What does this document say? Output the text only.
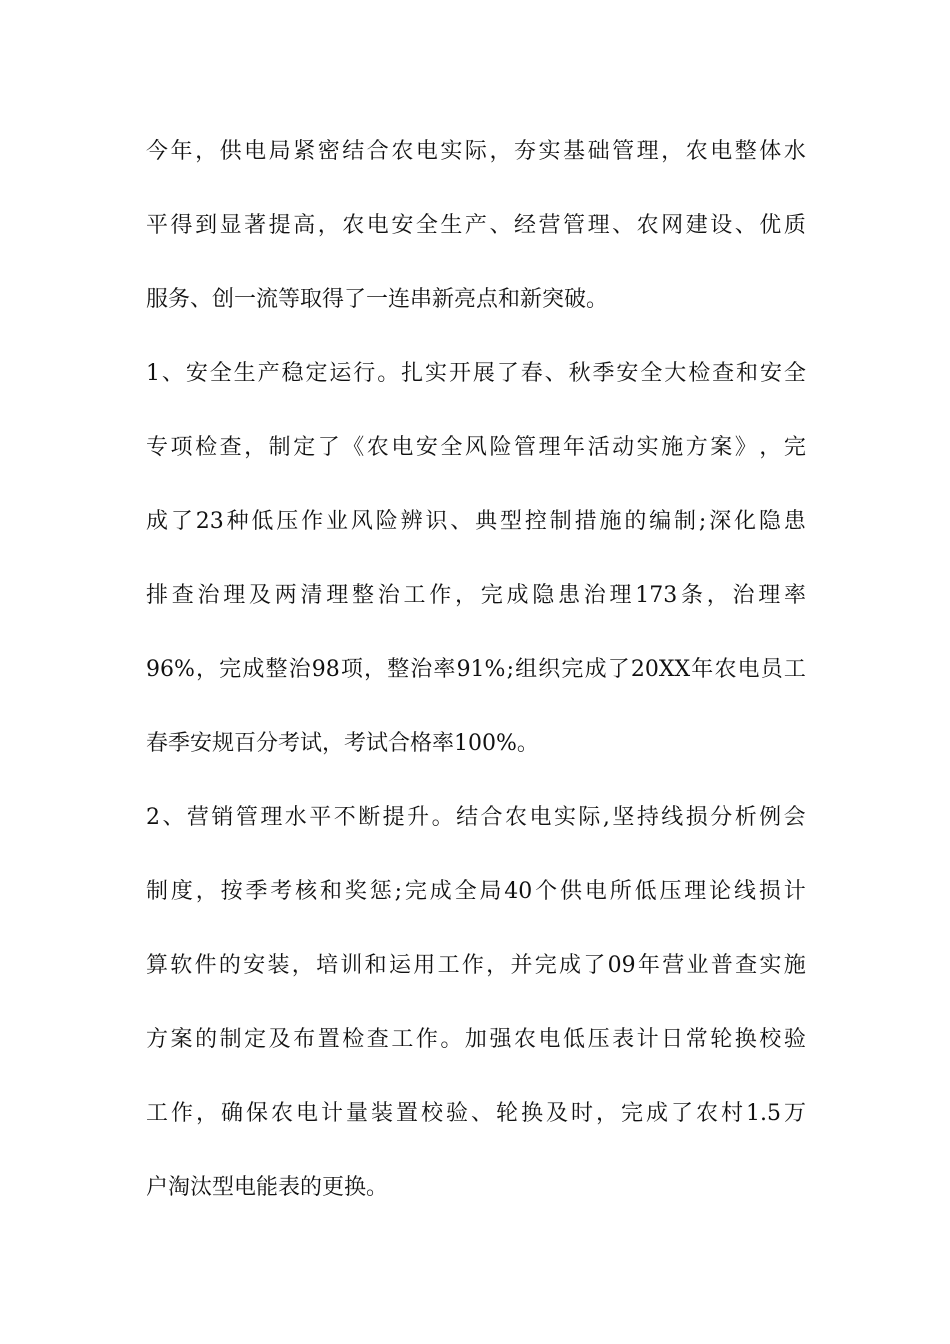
今 年 ， 供 电 局 紧 密 结 合 农 电 实 际 ， 夯 实 基 础 管 理 ， 农 电 整 体 水
平 得 到 显 著 提 高 ， 农 电 安 全 生 产 、 经 营 管 理 、 农 网 建 设 、 优 质
服务、创一流等取得了一连串新亮点和新突破。
1 、 安 全 生 产 稳 定 运 行 。 扎 实 开 展 了 春 、 秋 季 安 全 大 检 查 和 安 全
专 项 检 查 ， 制 定 了 《 农 电 安 全 风 险 管 理 年 活 动 实 施 方 案 》 ， 完
成 了 23 种 低 压 作 业 风 险 辨 识 、 典 型 控 制 措 施 的 编 制 ; 深 化 隐 患
排 查 治 理 及 两 清 理 整 治 工 作 ， 完 成 隐 患 治 理 173 条 ， 治 理 率
96% ， 完 成 整 治 98 项 ， 整 治 率 91% ; 组 织 完 成 了 20XX 年 农 电 员 工
春季安规百分考试，考试合格率100%。
2 、 营 销 管 理 水 平 不 断 提 升 。 结 合 农 电 实 际 , 坚 持 线 损 分 析 例 会
制 度 ， 按 季 考 核 和 奖 惩 ; 完 成 全 局 40 个 供 电 所 低 压 理 论 线 损 计
算 软 件 的 安 装 ， 培 训 和 运 用 工 作 ， 并 完 成 了 09 年 营 业 普 查 实 施
方 案 的 制 定 及 布 置 检 查 工 作 。 加 强 农 电 低 压 表 计 日 常 轮 换 校 验
工 作 ， 确 保 农 电 计 量 装 置 校 验 、 轮 换 及 时 ， 完 成 了 农 村 1.5 万
户淘汰型电能表的更换。
